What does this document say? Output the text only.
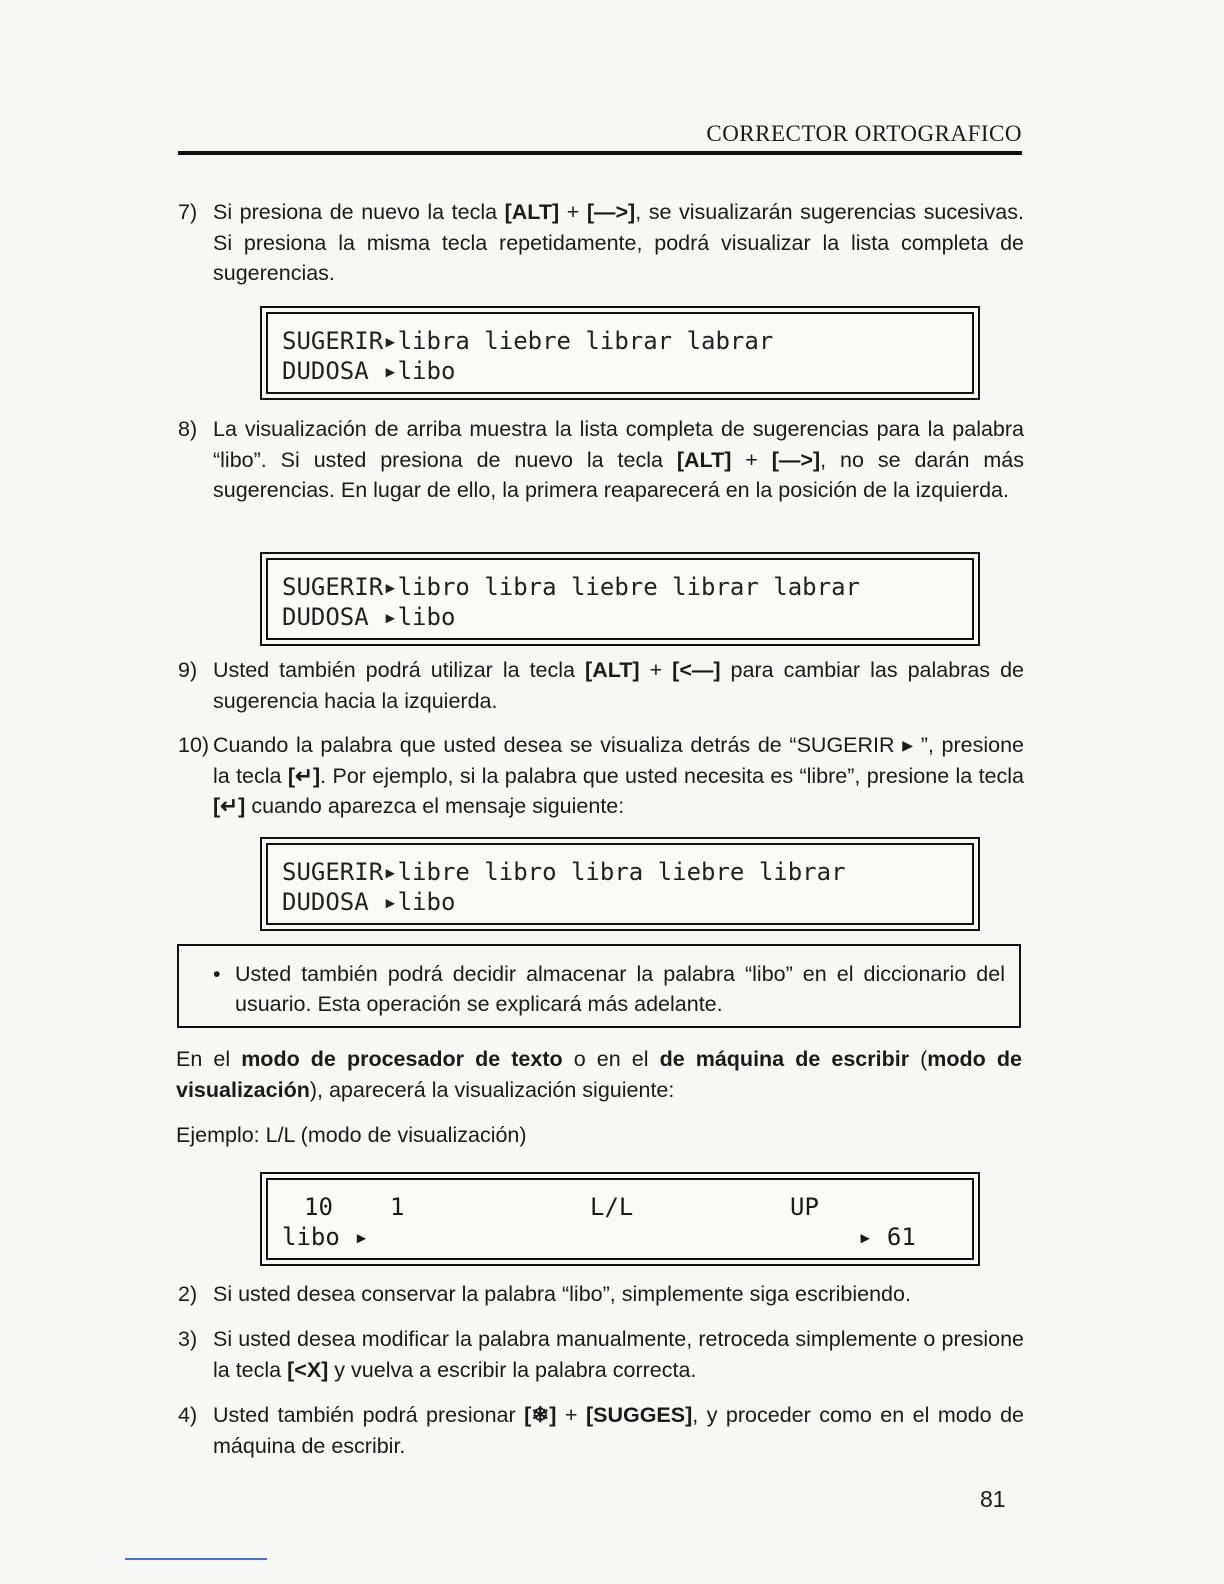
CORRECTOR ORTOGRAFICO
7) Si presiona de nuevo la tecla [ALT] + [—>], se visualizarán sugerencias sucesivas. Si presiona la misma tecla repetidamente, podrá visualizar la lista completa de sugerencias.
SUGERIR▸libra liebre librar labrar
DUDOSA ▸libo
8) La visualización de arriba muestra la lista completa de sugerencias para la palabra “libo”. Si usted presiona de nuevo la tecla [ALT] + [—>], no se darán más sugerencias. En lugar de ello, la primera reaparecerá en la posición de la izquierda.
SUGERIR▸libro libra liebre librar labrar
DUDOSA ▸libo
9) Usted también podrá utilizar la tecla [ALT] + [<—] para cambiar las palabras de sugerencia hacia la izquierda.
10) Cuando la palabra que usted desea se visualiza detrás de “SUGERIR ▸ ”, presione la tecla [↵]. Por ejemplo, si la palabra que usted necesita es “libre”, presione la tecla [↵] cuando aparezca el mensaje siguiente:
SUGERIR▸libre libro libra liebre librar
DUDOSA ▸libo
• Usted también podrá decidir almacenar la palabra “libo” en el diccionario del usuario. Esta operación se explicará más adelante.
En el modo de procesador de texto o en el de máquina de escribir (modo de visualización), aparecerá la visualización siguiente:
Ejemplo: L/L (modo de visualización)
10 1	L/L	UP
libo ▸	▸ 61
2) Si usted desea conservar la palabra “libo”, simplemente siga escribiendo.
3) Si usted desea modificar la palabra manualmente, retroceda simplemente o presione la tecla [<X] y vuelva a escribir la palabra correcta.
4) Usted también podrá presionar [❄] + [SUGGES], y proceder como en el modo de máquina de escribir.
81
